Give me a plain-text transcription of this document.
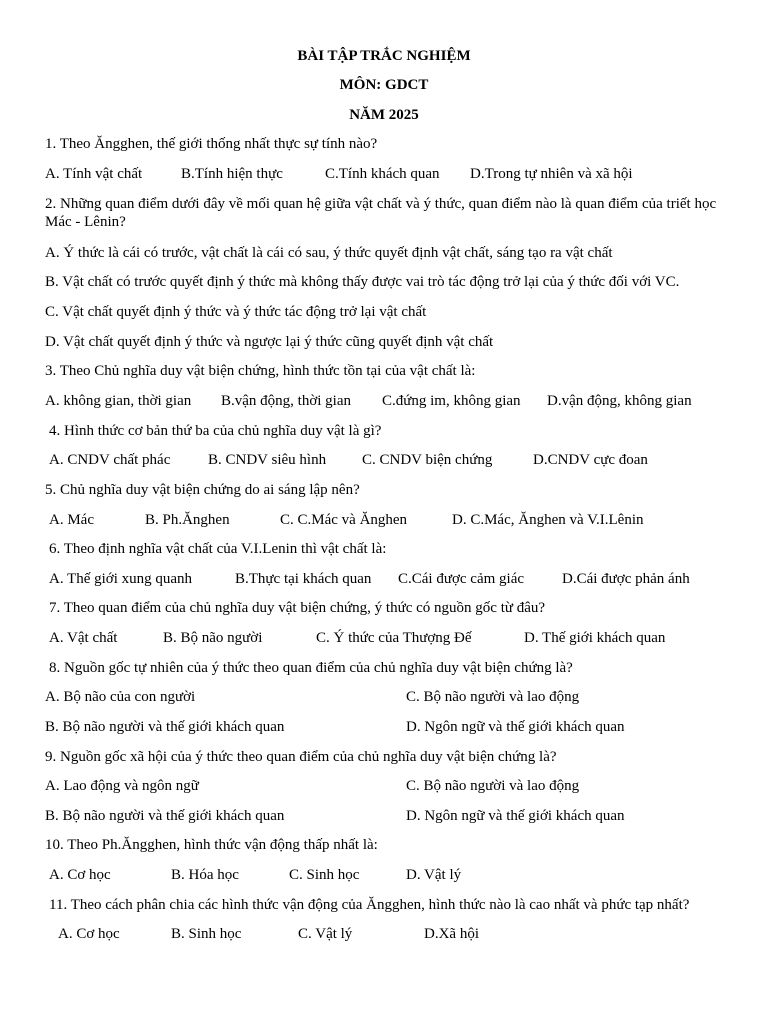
BÀI TẬP TRẮC NGHIỆM
MÔN: GDCT
NĂM 2025
1. Theo Ăngghen, thế giới thống nhất thực sự tính nào?
A. Tính vật chất	B.Tính hiện thực	C.Tính khách quan D.Trong tự nhiên và xã hội
2. Những quan điểm dưới đây về mối quan hệ giữa vật chất và ý thức, quan điểm nào là quan điểm của triết học Mác - Lênin?
A. Ý thức là cái có trước, vật chất là cái có sau, ý thức quyết định vật chất, sáng tạo ra vật chất
B. Vật chất có trước quyết định ý thức mà không thấy được vai trò tác động trở lại của ý thức đối với VC.
C. Vật chất quyết định ý thức và ý thức tác động trở lại vật chất
D. Vật chất quyết định ý thức và ngược lại ý thức cũng quyết định vật chất
3. Theo Chủ nghĩa duy vật biện chứng, hình thức tồn tại của vật chất là:
A. không gian, thời gian B.vận động, thời gian C.đứng im, không gian D.vận động, không gian
4. Hình thức cơ bản thứ ba của chủ nghĩa duy vật là gì?
A. CNDV chất phác	B. CNDV siêu hình C. CNDV biện chứng	D.CNDV cực đoan
5. Chủ nghĩa duy vật biện chứng do ai sáng lập nên?
A. Mác	B. Ph.Ănghen	C. C.Mác và Ănghen	D. C.Mác, Ănghen và V.I.Lênin
6. Theo định nghĩa vật chất của V.I.Lenin thì vật chất là:
A. Thế giới xung quanh	B.Thực tại khách quan C.Cái được cảm giác	D.Cái được phản ánh
7. Theo quan điểm của chủ nghĩa duy vật biện chứng, ý thức có nguồn gốc từ đâu?
A. Vật chất	B. Bộ não người	C. Ý thức của Thượng Đế	D. Thế giới khách quan
8. Nguồn gốc tự nhiên của ý thức theo quan điểm của chủ nghĩa duy vật biện chứng là?
A. Bộ não của con người	C. Bộ não người và lao động
B. Bộ não người và thế giới khách quan	D. Ngôn ngữ và thế giới khách quan
9. Nguồn gốc xã hội của ý thức theo quan điểm của chủ nghĩa duy vật biện chứng là?
A. Lao động và ngôn ngữ	C. Bộ não người và lao động
B. Bộ não người và thế giới khách quan	D. Ngôn ngữ và thế giới khách quan
10. Theo Ph.Ăngghen, hình thức vận động thấp nhất là:
A. Cơ học	B. Hóa học	C. Sinh học	D. Vật lý
11. Theo cách phân chia các hình thức vận động của Ăngghen, hình thức nào là cao nhất và phức tạp nhất?
A. Cơ học	B. Sinh học	C. Vật lý	D.Xã hội
